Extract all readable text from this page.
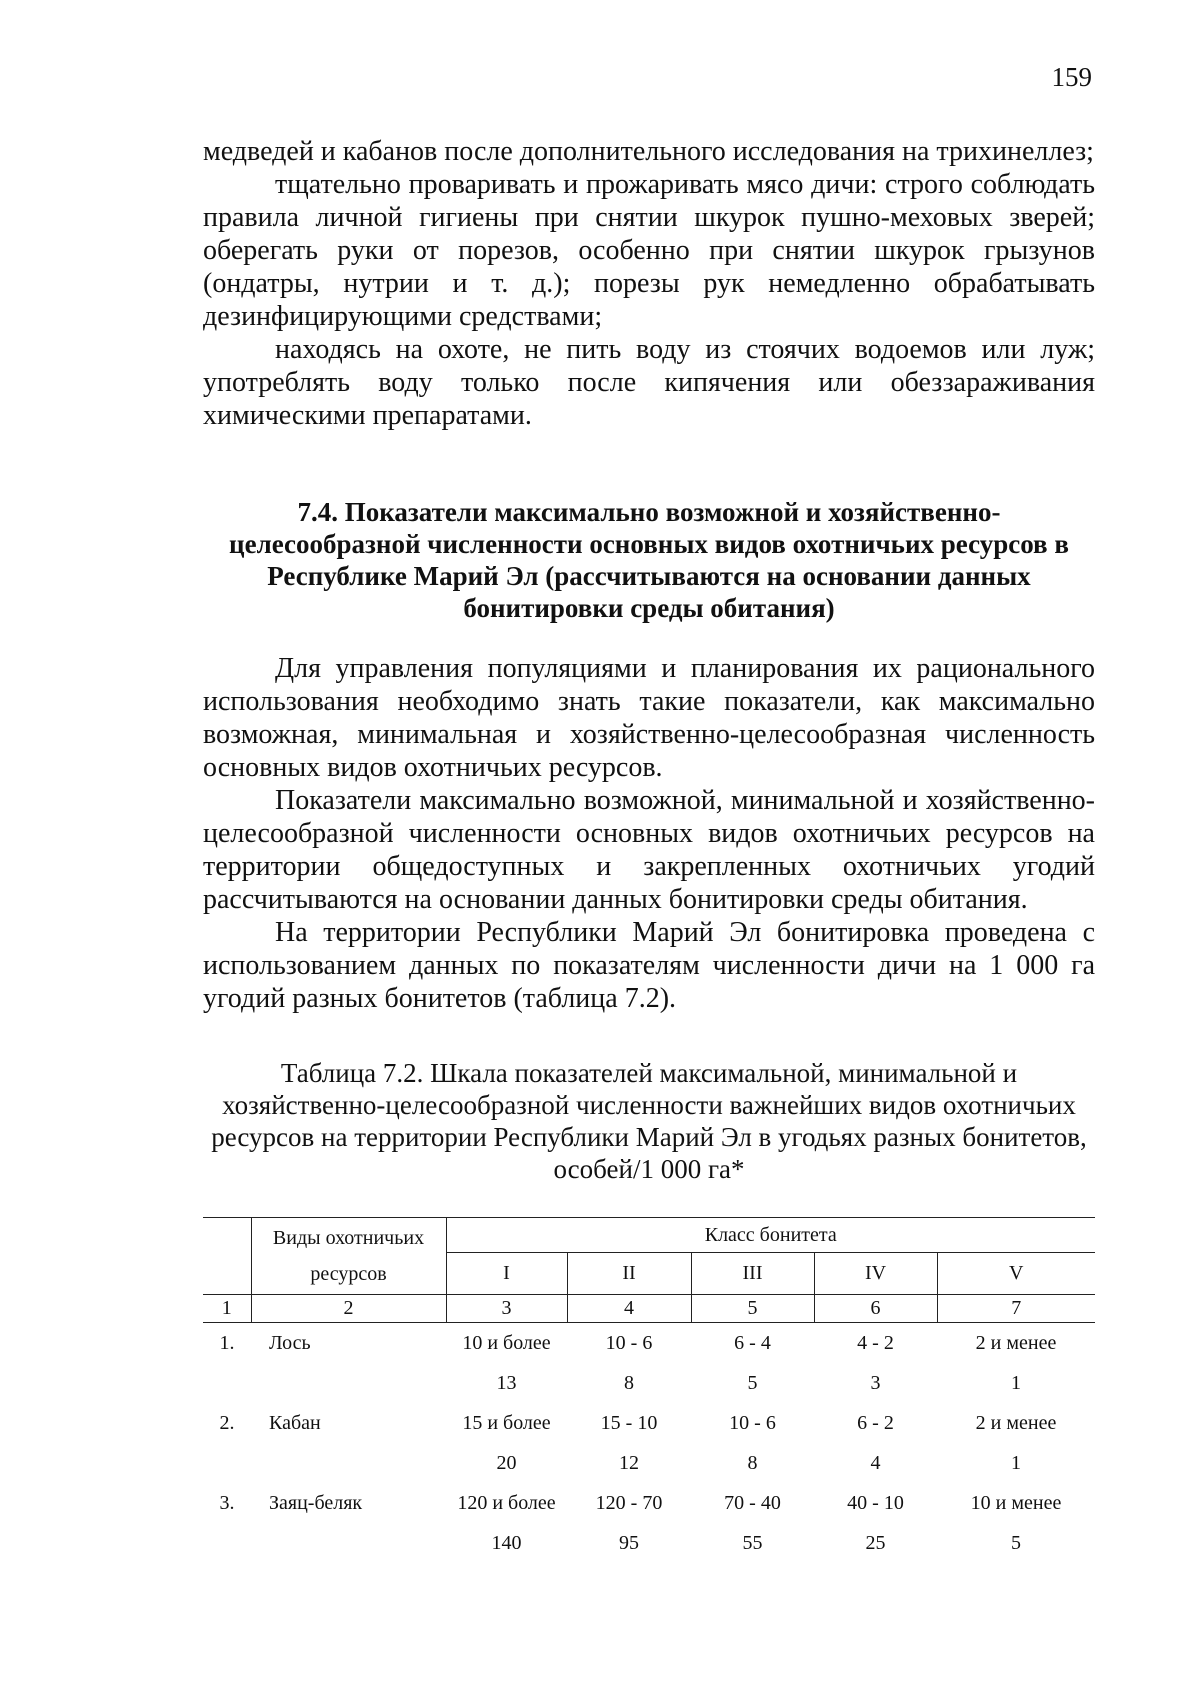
159

медведей и кабанов после дополнительного исследования на трихинеллез;

тщательно проваривать и прожаривать мясо дичи: строго соблюдать правила личной гигиены при снятии шкурок пушно-меховых зверей; оберегать руки от порезов, особенно при снятии шкурок грызунов (ондатры, нутрии и т. д.); порезы рук немедленно обрабатывать дезинфицирующими средствами;

находясь на охоте, не пить воду из стоячих водоемов или луж; употреблять воду только после кипячения или обеззараживания химическими препаратами.

7.4. Показатели максимально возможной и хозяйственно-целесообразной численности основных видов охотничьих ресурсов в Республике Марий Эл (рассчитываются на основании данных бонитировки среды обитания)

Для управления популяциями и планирования их рационального использования необходимо знать такие показатели, как максимально возможная, минимальная и хозяйственно-целесообразная численность основных видов охотничьих ресурсов.

Показатели максимально возможной, минимальной и хозяйственно-целесообразной численности основных видов охотничьих ресурсов на территории общедоступных и закрепленных охотничьих угодий рассчитываются на основании данных бонитировки среды обитания.

На территории Республики Марий Эл бонитировка проведена с использованием данных по показателям численности дичи на 1 000 га угодий разных бонитетов (таблица 7.2).

Таблица 7.2. Шкала показателей максимальной, минимальной и хозяйственно-целесообразной численности важнейших видов охотничьих ресурсов на территории Республики Марий Эл в угодьях разных бонитетов, особей/1 000 га*
	Виды охотничьих ресурсов	Класс бонитета				
		I	II	III	IV	V
1	2	3	4	5	6	7
1.	Лось	10 и более	10 - 6	6 - 4	4 - 2	2 и менее
		13	8	5	3	1
2.	Кабан	15 и более	15 - 10	10 - 6	6 - 2	2 и менее
		20	12	8	4	1
3.	Заяц-беляк	120 и более	120 - 70	70 - 40	40 - 10	10 и менее
		140	95	55	25	5
